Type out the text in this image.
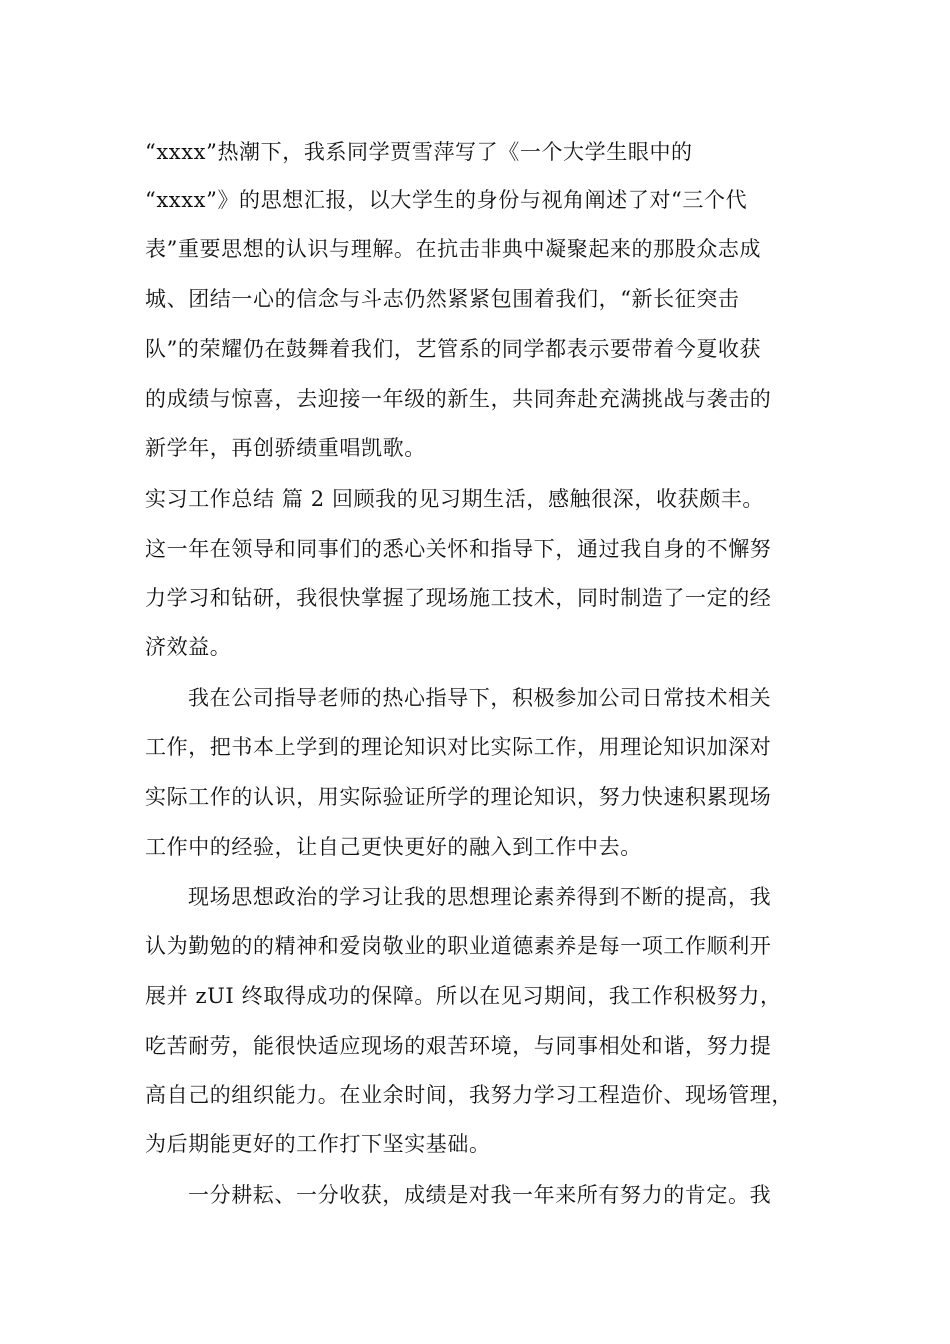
“xxxx”热潮下，我系同学贾雪萍写了《一个大学生眼中的
“xxxx”》的思想汇报，以大学生的身份与视角阐述了对“三个代
表”重要思想的认识与理解。在抗击非典中凝聚起来的那股众志成
城、团结一心的信念与斗志仍然紧紧包围着我们，“新长征突击
队”的荣耀仍在鼓舞着我们，艺管系的同学都表示要带着今夏收获
的成绩与惊喜，去迎接一年级的新生，共同奔赴充满挑战与袭击的
新学年，再创骄绩重唱凯歌。
实习工作总结 篇 2 回顾我的见习期生活，感触很深，收获颇丰。
这一年在领导和同事们的悉心关怀和指导下，通过我自身的不懈努
力学习和钻研，我很快掌握了现场施工技术，同时制造了一定的经
济效益。
我在公司指导老师的热心指导下，积极参加公司日常技术相关
工作，把书本上学到的理论知识对比实际工作，用理论知识加深对
实际工作的认识，用实际验证所学的理论知识，努力快速积累现场
工作中的经验，让自己更快更好的融入到工作中去。
现场思想政治的学习让我的思想理论素养得到不断的提高，我
认为勤勉的的精神和爱岗敬业的职业道德素养是每一项工作顺利开
展并 zUI 终取得成功的保障。所以在见习期间，我工作积极努力，
吃苦耐劳，能很快适应现场的艰苦环境，与同事相处和谐，努力提
高自己的组织能力。在业余时间，我努力学习工程造价、现场管理，
为后期能更好的工作打下坚实基础。
一分耕耘、一分收获，成绩是对我一年来所有努力的肯定。我
